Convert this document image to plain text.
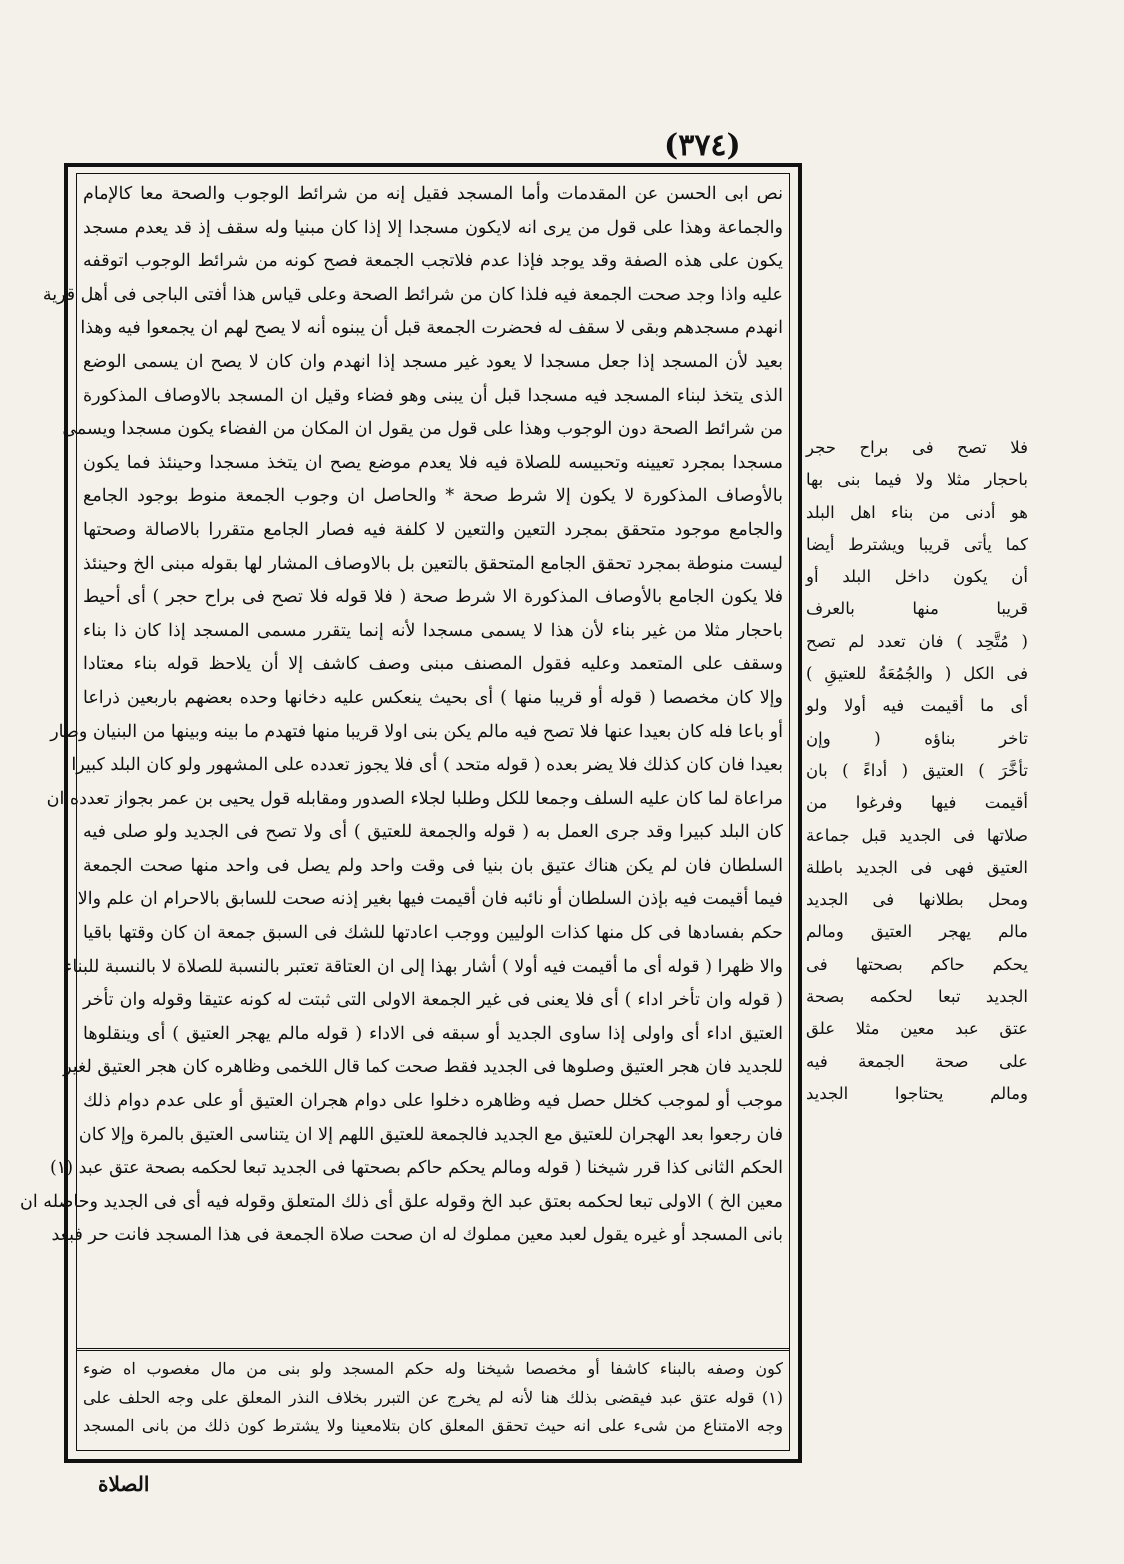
(٣٧٤)
نص ابى الحسن عن المقدمات وأما المسجد فقيل إنه من شرائط الوجوب والصحة معا كالإمام
والجماعة وهذا على قول من يرى انه لايكون مسجدا إلا إذا كان مبنيا وله سقف إذ قد يعدم مسجد
يكون على هذه الصفة وقد يوجد فإذا عدم فلاتجب الجمعة فصح كونه من شرائط الوجوب اتوقفه
عليه واذا وجد صحت الجمعة فيه فلذا كان من شرائط الصحة وعلى قياس هذا أفتى الباجى فى أهل قرية
انهدم مسجدهم وبقى لا سقف له فحضرت الجمعة قبل أن يبنوه أنه لا يصح لهم ان يجمعوا فيه وهذا
بعيد لأن المسجد إذا جعل مسجدا لا يعود غير مسجد إذا انهدم وان كان لا يصح ان يسمى الوضع
الذى يتخذ لبناء المسجد فيه مسجدا قبل أن يبنى وهو فضاء وقيل ان المسجد بالاوصاف المذكورة
من شرائط الصحة دون الوجوب وهذا على قول من يقول ان المكان من الفضاء يكون مسجدا ويسمى
مسجدا بمجرد تعيينه وتحبيسه للصلاة فيه فلا يعدم موضع يصح ان يتخذ مسجدا وحينئذ فما يكون
بالأوصاف المذكورة لا يكون إلا شرط صحة * والحاصل ان وجوب الجمعة منوط بوجود الجامع
والجامع موجود متحقق بمجرد التعين والتعين لا كلفة فيه فصار الجامع متقررا بالاصالة وصحتها
ليست منوطة بمجرد تحقق الجامع المتحقق بالتعين بل بالاوصاف المشار لها بقوله مبنى الخ وحينئذ
فلا يكون الجامع بالأوصاف المذكورة الا شرط صحة ( فلا قوله فلا تصح فى براح حجر ) أى أحيط
باحجار مثلا من غير بناء لأن هذا لا يسمى مسجدا لأنه إنما يتقرر مسمى المسجد إذا كان ذا بناء
وسقف على المتعمد وعليه فقول المصنف مبنى وصف كاشف إلا أن يلاحظ قوله بناء معتادا
وإلا كان مخصصا ( قوله أو قريبا منها ) أى بحيث ينعكس عليه دخانها وحده بعضهم باربعين ذراعا
أو باعا فله كان بعيدا عنها فلا تصح فيه مالم يكن بنى اولا قريبا منها فتهدم ما بينه وبينها من البنيان وصار
بعيدا فان كان كذلك فلا يضر بعده ( قوله متحد ) أى فلا يجوز تعدده على المشهور ولو كان البلد كبيرا
مراعاة لما كان عليه السلف وجمعا للكل وطلبا لجلاء الصدور ومقابله قول يحيى بن عمر بجواز تعدده ان
كان البلد كبيرا وقد جرى العمل به ( قوله والجمعة للعتيق ) أى ولا تصح فى الجديد ولو صلى فيه
السلطان فان لم يكن هناك عتيق بان بنيا فى وقت واحد ولم يصل فى واحد منها صحت الجمعة
فيما أقيمت فيه بإذن السلطان أو نائبه فان أقيمت فيها بغير إذنه صحت للسابق بالاحرام ان علم والا
حكم بفسادها فى كل منها كذات الوليين ووجب اعادتها للشك فى السبق جمعة ان كان وقتها باقيا
والا ظهرا ( قوله أى ما أقيمت فيه أولا ) أشار بهذا إلى ان العتاقة تعتبر بالنسبة للصلاة لا بالنسبة للبناء
( قوله وان تأخر اداء ) أى فلا يعنى فى غير الجمعة الاولى التى ثبتت له كونه عتيقا وقوله وان تأخر
العتيق اداء أى واولى إذا ساوى الجديد أو سبقه فى الاداء ( قوله مالم يهجر العتيق ) أى وينقلوها
للجديد فان هجر العتيق وصلوها فى الجديد فقط صحت كما قال اللخمى وظاهره كان هجر العتيق لغير
موجب أو لموجب كخلل حصل فيه وظاهره دخلوا على دوام هجران العتيق أو على عدم دوام ذلك
فان رجعوا بعد الهجران للعتيق مع الجديد فالجمعة للعتيق اللهم إلا ان يتناسى العتيق بالمرة وإلا كان
الحكم الثانى كذا قرر شيخنا ( قوله ومالم يحكم حاكم بصحتها فى الجديد تبعا لحكمه بصحة عتق عبد (١)
معين الخ ) الاولى تبعا لحكمه بعتق عبد الخ وقوله علق أى ذلك المتعلق وقوله فيه أى فى الجديد وحاصله ان
بانى المسجد أو غيره يقول لعبد معين مملوك له ان صحت صلاة الجمعة فى هذا المسجد فانت حر فبعد
كون وصفه بالبناء كاشفا أو مخصصا شيخنا وله حكم المسجد ولو بنى من مال مغصوب اه ضوء
(١) قوله عتق عبد فيقضى بذلك هنا لأنه لم يخرج عن التبرر بخلاف النذر المعلق على وجه الحلف على
وجه الامتناع من شىء على انه حيث تحقق المعلق كان بتلامعينا ولا يشترط كون ذلك من بانى المسجد
فلا تصح فى براح حجر
باحجار مثلا ولا فيما بنى بها
هو أدنى من بناء اهل البلد
كما يأتى قريبا ويشترط أيضا
أن يكون داخل البلد أو
قريبا منها بالعرف
( مُتَّحِد ) فان تعدد لم تصح
فى الكل ( والجُمُعَةُ للعتيقِ )
أى ما أقيمت فيه أولا ولو
تاخر بناؤه ( وإن
تأخَّرَ ) العتيق ( أداءً ) بان
أقيمت فيها وفرغوا من
صلاتها فى الجديد قبل جماعة
العتيق فهى فى الجديد باطلة
ومحل بطلانها فى الجديد
مالم يهجر العتيق ومالم
يحكم حاكم بصحتها فى
الجديد تبعا لحكمه بصحة
عتق عبد معين مثلا علق
على صحة الجمعة فيه
ومالم يحتاجوا الجديد
الصلاة
